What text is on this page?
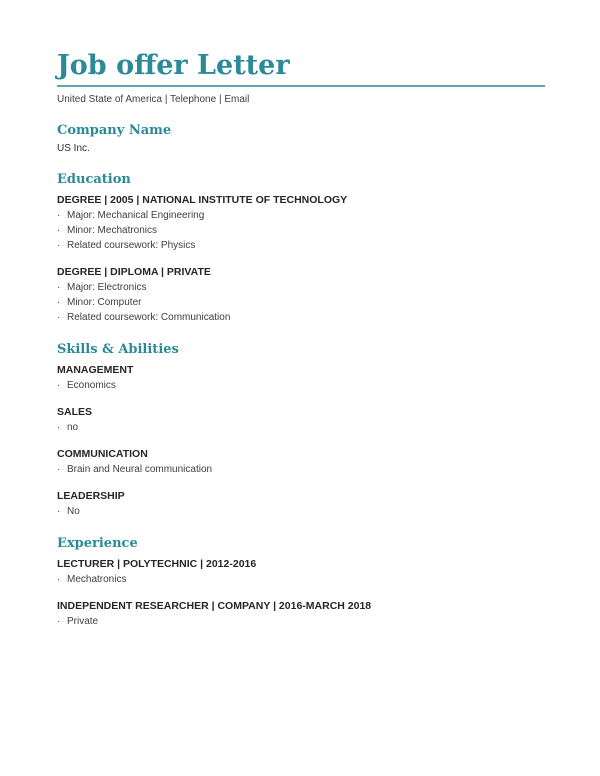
Job offer Letter
United State of America | Telephone | Email
Company Name
US Inc.
Education
DEGREE | 2005 | NATIONAL INSTITUTE OF TECHNOLOGY
· Major: Mechanical Engineering
· Minor: Mechatronics
· Related coursework: Physics
DEGREE | DIPLOMA | PRIVATE
· Major: Electronics
· Minor: Computer
· Related coursework: Communication
Skills & Abilities
MANAGEMENT
· Economics
SALES
· no
COMMUNICATION
· Brain and Neural communication
LEADERSHIP
· No
Experience
LECTURER | POLYTECHNIC | 2012-2016
· Mechatronics
INDEPENDENT RESEARCHER | COMPANY | 2016-MARCH 2018
· Private
